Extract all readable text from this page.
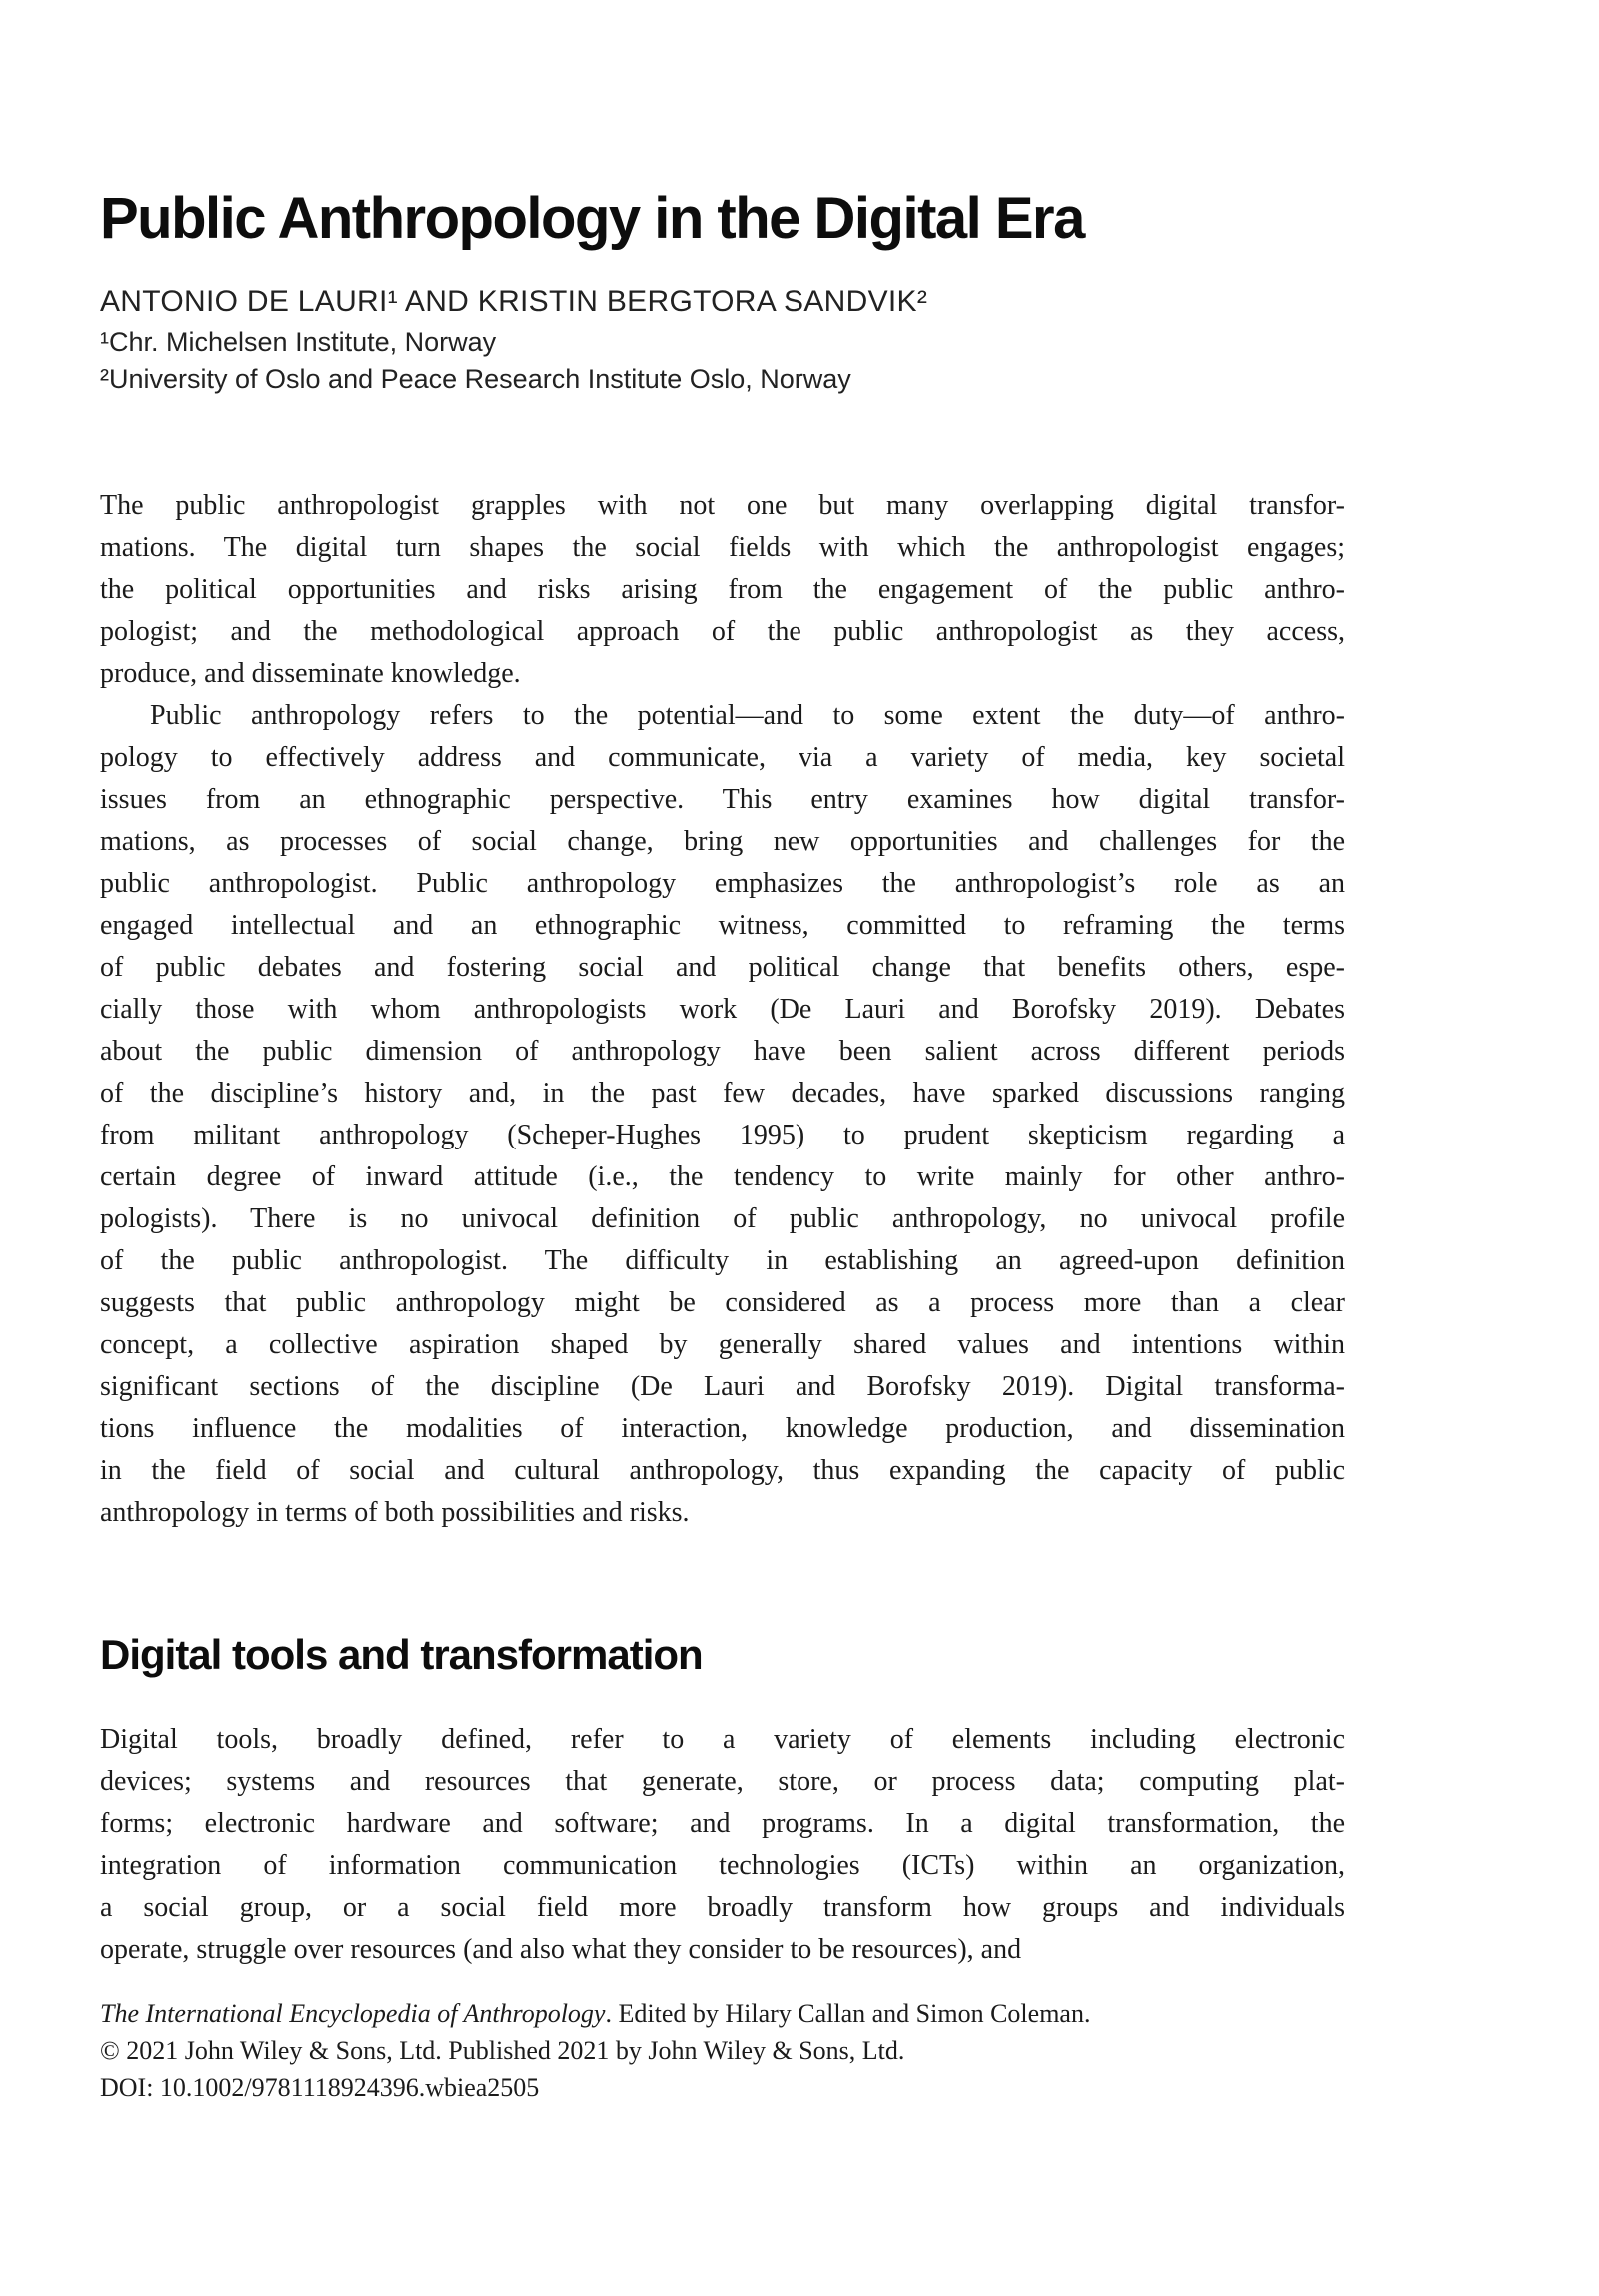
Public Anthropology in the Digital Era
ANTONIO DE LAURI¹ AND KRISTIN BERGTORA SANDVIK²
¹Chr. Michelsen Institute, Norway
²University of Oslo and Peace Research Institute Oslo, Norway
The public anthropologist grapples with not one but many overlapping digital transfor-
mations. The digital turn shapes the social fields with which the anthropologist engages;
the political opportunities and risks arising from the engagement of the public anthro-
pologist; and the methodological approach of the public anthropologist as they access,
produce, and disseminate knowledge.
Public anthropology refers to the potential—and to some extent the duty—of anthro-
pology to effectively address and communicate, via a variety of media, key societal
issues from an ethnographic perspective. This entry examines how digital transfor-
mations, as processes of social change, bring new opportunities and challenges for the
public anthropologist. Public anthropology emphasizes the anthropologist’s role as an
engaged intellectual and an ethnographic witness, committed to reframing the terms
of public debates and fostering social and political change that benefits others, espe-
cially those with whom anthropologists work (De Lauri and Borofsky 2019). Debates
about the public dimension of anthropology have been salient across different periods
of the discipline’s history and, in the past few decades, have sparked discussions ranging
from militant anthropology (Scheper-Hughes 1995) to prudent skepticism regarding a
certain degree of inward attitude (i.e., the tendency to write mainly for other anthro-
pologists). There is no univocal definition of public anthropology, no univocal profile
of the public anthropologist. The difficulty in establishing an agreed-upon definition
suggests that public anthropology might be considered as a process more than a clear
concept, a collective aspiration shaped by generally shared values and intentions within
significant sections of the discipline (De Lauri and Borofsky 2019). Digital transforma-
tions influence the modalities of interaction, knowledge production, and dissemination
in the field of social and cultural anthropology, thus expanding the capacity of public
anthropology in terms of both possibilities and risks.
Digital tools and transformation
Digital tools, broadly defined, refer to a variety of elements including electronic
devices; systems and resources that generate, store, or process data; computing plat-
forms; electronic hardware and software; and programs. In a digital transformation, the
integration of information communication technologies (ICTs) within an organization,
a social group, or a social field more broadly transform how groups and individuals
operate, struggle over resources (and also what they consider to be resources), and
The International Encyclopedia of Anthropology. Edited by Hilary Callan and Simon Coleman.
© 2021 John Wiley & Sons, Ltd. Published 2021 by John Wiley & Sons, Ltd.
DOI: 10.1002/9781118924396.wbiea2505
